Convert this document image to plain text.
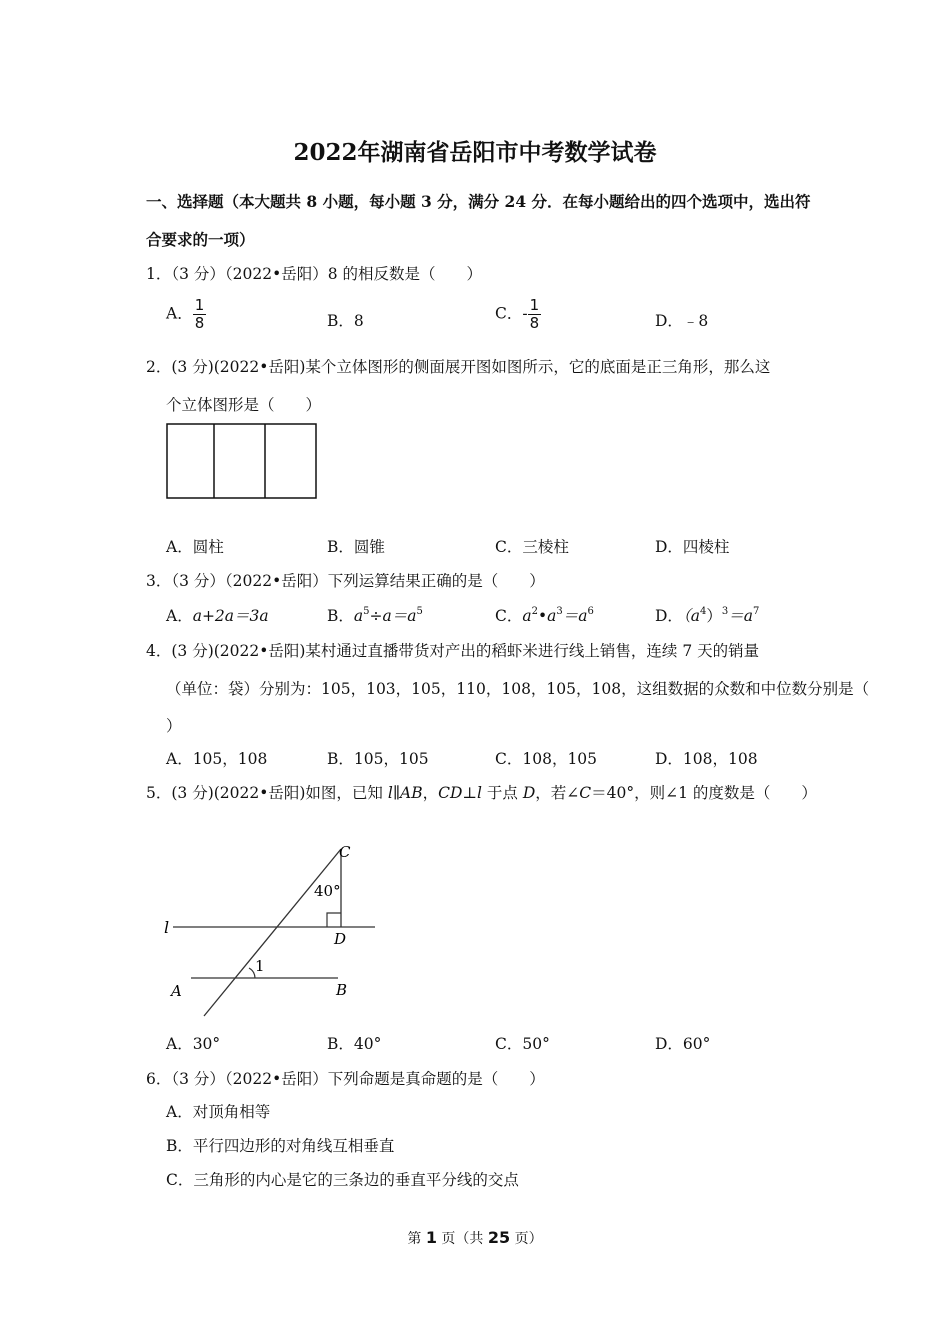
2022年湖南省岳阳市中考数学试卷
一、选择题（本大题共 8 小题，每小题 3 分，满分 24 分．在每小题给出的四个选项中，选出符
合要求的一项）
1．（3 分）（2022•岳阳）8 的相反数是（　　）
A． $\frac{1}{8}$	B．8	C．- $\frac{1}{8}$	D．﹣8
2．(3 分)(2022•岳阳)某个立体图形的侧面展开图如图所示，它的底面是正三角形，那么这
个立体图形是（　　）
A．圆柱	B．圆锥	C．三棱柱	D．四棱柱
3．（3 分）（2022•岳阳）下列运算结果正确的是（　　）
A．a+2a＝3a	B．$a^5\div a=a^5$	C．$a^2•a^3=a^6$	D．$(a^4)^3=a^7$
4．(3 分)(2022•岳阳)某村通过直播带货对产出的稻虾米进行线上销售，连续 7 天的销量
（单位：袋）分别为：105，103，105，110，108，105，108，这组数据的众数和中位数分别是（
）
A．105，108	B．105，105	C．108，105	D．108，108
5．(3 分)(2022•岳阳)如图，已知 l∥AB，CD⊥l 于点 D，若∠C＝40°，则∠1 的度数是（　　）
C
40°
l
D
1
A	B
A．30°	B．40°	C．50°	D．60°
6．（3 分）（2022•岳阳）下列命题是真命题的是（　　）
A．对顶角相等
B．平行四边形的对角线互相垂直
C．三角形的内心是它的三条边的垂直平分线的交点
第 1 页（共 25 页）
